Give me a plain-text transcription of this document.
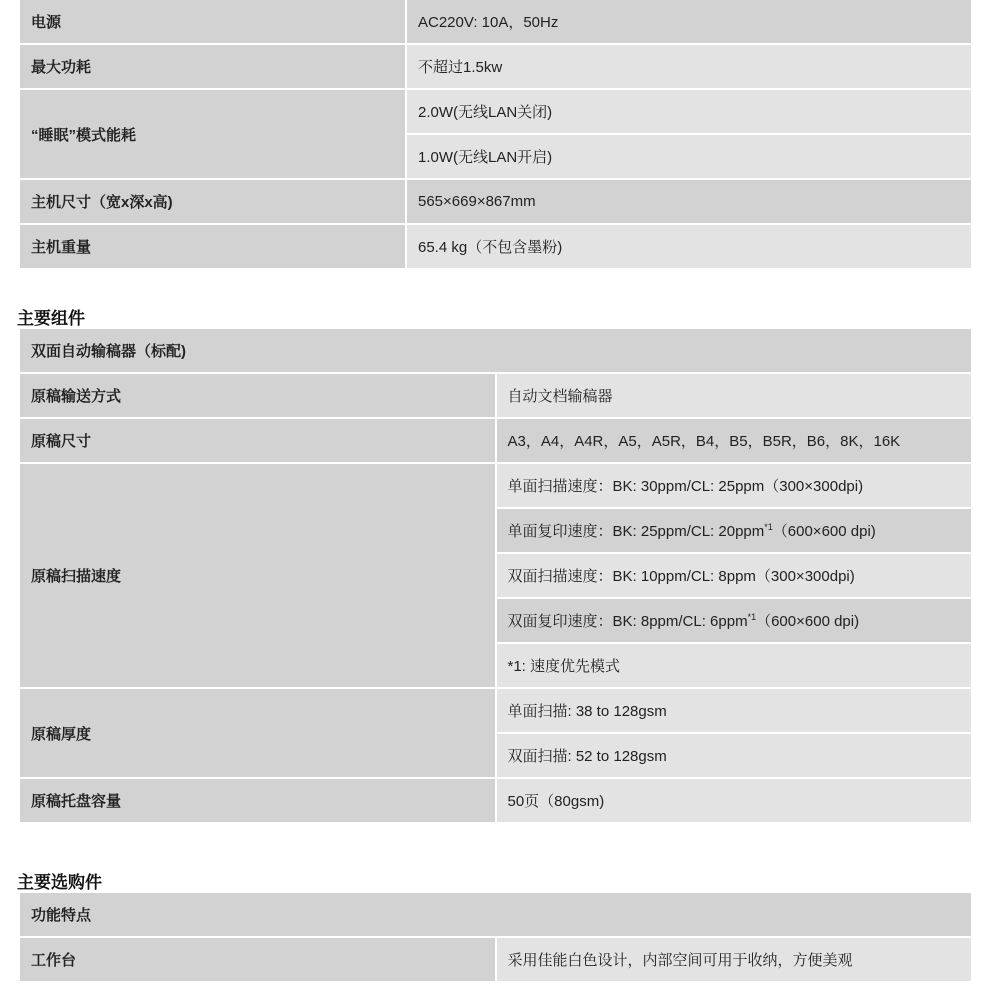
电源	AC220V: 10A，50Hz
最大功耗	不超过1.5kw
“睡眠”模式能耗	2.0W(无线LAN关闭)
	1.0W(无线LAN开启)
主机尺寸（宽x深x高)	565×669×867mm
主机重量	65.4 kg（不包含墨粉)
主要组件
双面自动输稿器（标配)	
原稿输送方式	自动文档输稿器
原稿尺寸	A3，A4，A4R，A5，A5R，B4，B5，B5R，B6，8K，16K
原稿扫描速度	单面扫描速度：BK: 30ppm/CL: 25ppm（300×300dpi)
	单面复印速度：BK: 25ppm/CL: 20ppm$^{*1}$（600×600 dpi)
	双面扫描速度：BK: 10ppm/CL: 8ppm（300×300dpi)
	双面复印速度：BK: 8ppm/CL: 6ppm$^{*1}$（600×600 dpi)
	*1: 速度优先模式
原稿厚度	单面扫描: 38 to 128gsm
	双面扫描: 52 to 128gsm
原稿托盘容量	50页（80gsm)
主要选购件
功能特点
工作台	采用佳能白色设计，内部空间可用于收纳，方便美观
